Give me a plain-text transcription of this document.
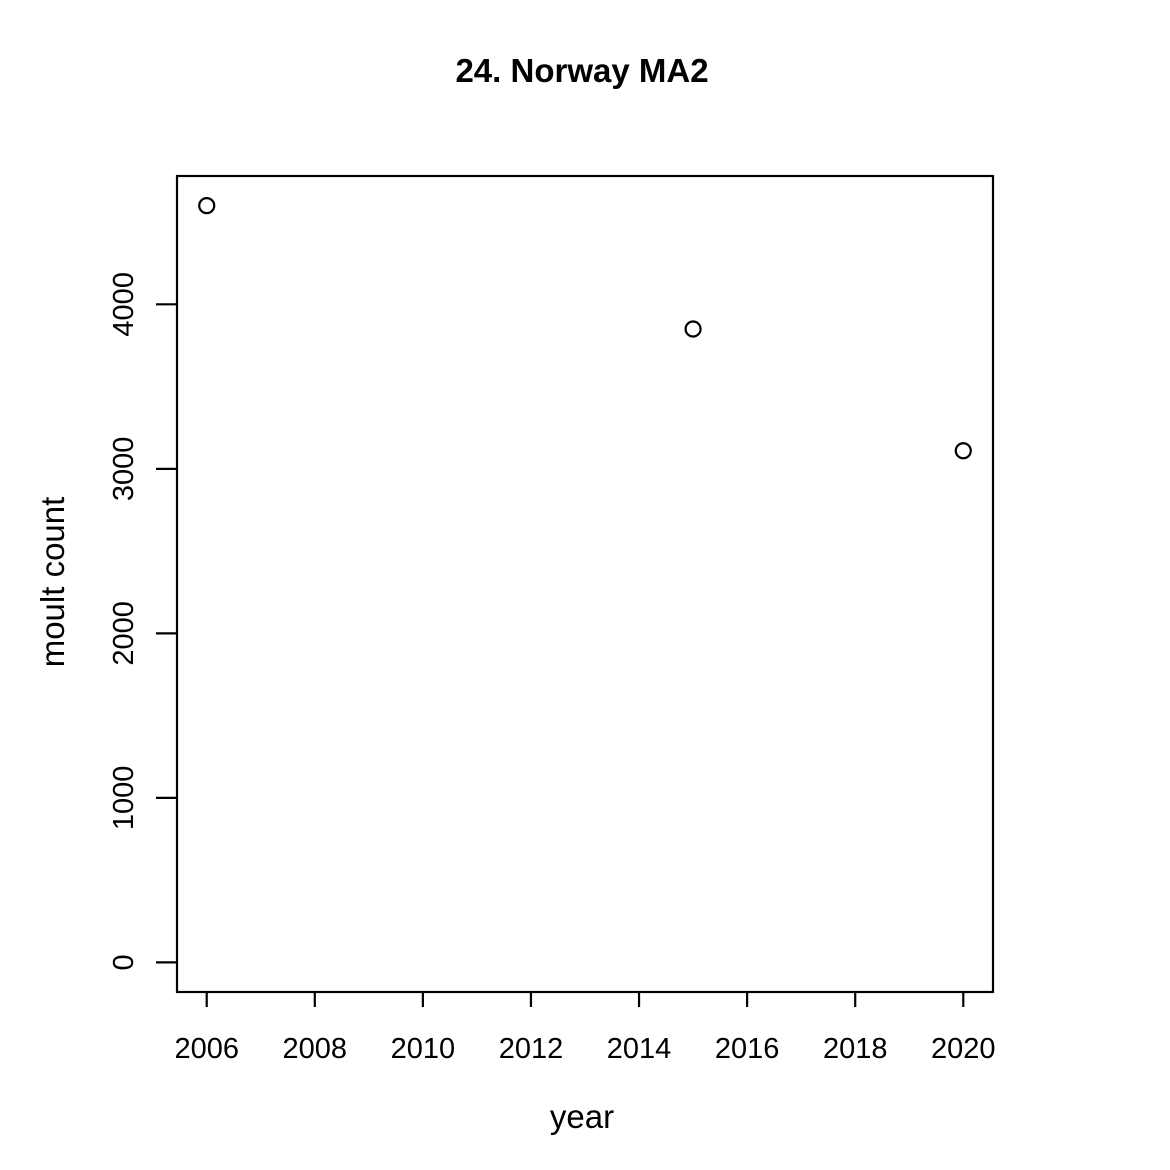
24. Norway MA2
2006 2008 2010 2012 2014 2016 2018 2020
0
1000
2000
3000
4000
year
moult count
